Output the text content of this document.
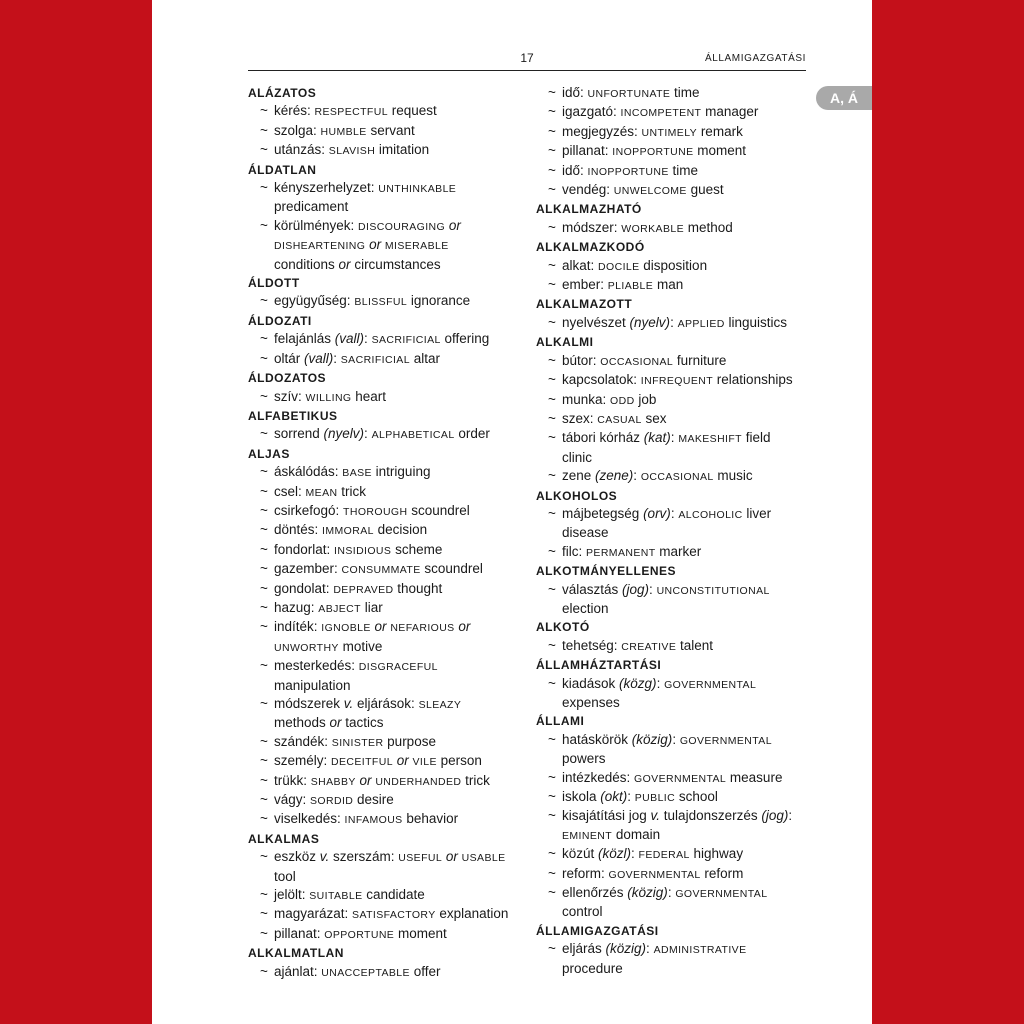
17	ÁLLAMIGAZGATÁSI
ALÁZATOS
~ kérés: RESPECTFUL request
~ szolga: HUMBLE servant
~ utánzás: SLAVISH imitation
ÁLDATLAN
~ kényszerhelyzet: UNTHINKABLE
predicament
~ körülmények: DISCOURAGING or
DISHEARTENING or MISERABLE
conditions or circumstances
ÁLDOTT
~ együgyűség: BLISSFUL ignorance
ÁLDOZATI
~ felajánlás (vall): SACRIFICIAL offering
~ oltár (vall): SACRIFICIAL altar
ÁLDOZATOS
~ szív: WILLING heart
ALFABETIKUS
~ sorrend (nyelv): ALPHABETICAL order
ALJAS
~ áskálódás: BASE intriguing
~ csel: MEAN trick
~ csirkefogó: THOROUGH scoundrel
~ döntés: IMMORAL decision
~ fondorlat: INSIDIOUS scheme
~ gazember: CONSUMMATE scoundrel
~ gondolat: DEPRAVED thought
~ hazug: ABJECT liar
~ indíték: IGNOBLE or NEFARIOUS or
UNWORTHY motive
~ mesterkedés: DISGRACEFUL
manipulation
~ módszerek v. eljárások: SLEAZY
methods or tactics
~ szándék: SINISTER purpose
~ személy: DECEITFUL or VILE person
~ trükk: SHABBY or UNDERHANDED trick
~ vágy: SORDID desire
~ viselkedés: INFAMOUS behavior
ALKALMAS
~ eszköz v. szerszám: USEFUL or USABLE
tool
~ jelölt: SUITABLE candidate
~ magyarázat: SATISFACTORY explanation
~ pillanat: OPPORTUNE moment
ALKALMATLAN
~ ajánlat: UNACCEPTABLE offer
~ idő: UNFORTUNATE time
~ igazgató: INCOMPETENT manager
~ megjegyzés: UNTIMELY remark
~ pillanat: INOPPORTUNE moment
~ idő: INOPPORTUNE time
~ vendég: UNWELCOME guest
ALKALMAZHATÓ
~ módszer: WORKABLE method
ALKALMAZKODÓ
~ alkat: DOCILE disposition
~ ember: PLIABLE man
ALKALMAZOTT
~ nyelvészet (nyelv): APPLIED linguistics
ALKALMI
~ bútor: OCCASIONAL furniture
~ kapcsolatok: INFREQUENT relationships
~ munka: ODD job
~ szex: CASUAL sex
~ tábori kórház (kat): MAKESHIFT field
clinic
~ zene (zene): OCCASIONAL music
ALKOHOLOS
~ májbetegség (orv): ALCOHOLIC liver
disease
~ filc: PERMANENT marker
ALKOTMÁNYELLENES
~ választás (jog): UNCONSTITUTIONAL
election
ALKOTÓ
~ tehetség: CREATIVE talent
ÁLLAMHÁZTARTÁSI
~ kiadások (közg): GOVERNMENTAL
expenses
ÁLLAMI
~ hatáskörök (közig): GOVERNMENTAL
powers
~ intézkedés: GOVERNMENTAL measure
~ iskola (okt): PUBLIC school
~ kisajátítási jog v. tulajdonszerzés (jog):
EMINENT domain
~ közút (közl): FEDERAL highway
~ reform: GOVERNMENTAL reform
~ ellenőrzés (közig): GOVERNMENTAL
control
ÁLLAMIGAZGATÁSI
~ eljárás (közig): ADMINISTRATIVE
procedure
A, Á
